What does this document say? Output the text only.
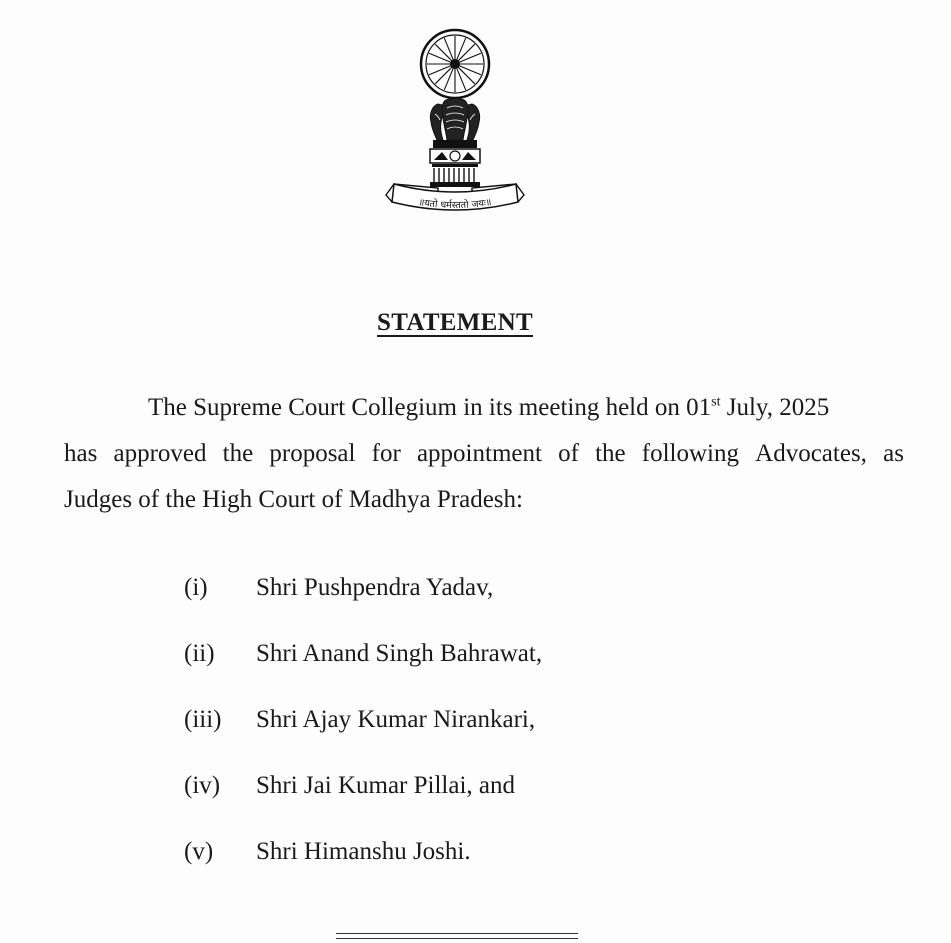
॥यतो धर्मस्ततो जयः॥
STATEMENT
The Supreme Court Collegium in its meeting held on 01st July, 2025
has approved the proposal for appointment of the following Advocates, as
Judges of the High Court of Madhya Pradesh:
(i) Shri Pushpendra Yadav,
(ii) Shri Anand Singh Bahrawat,
(iii) Shri Ajay Kumar Nirankari,
(iv) Shri Jai Kumar Pillai, and
(v) Shri Himanshu Joshi.
